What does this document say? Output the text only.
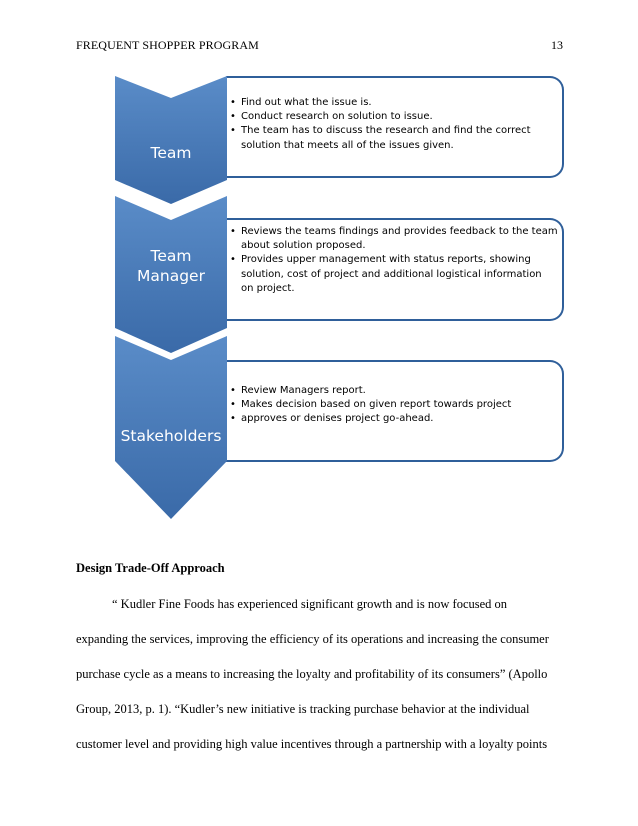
FREQUENT SHOPPER PROGRAM	13
• Find out what the issue is.
• Conduct research on solution to issue.
• The team has to discuss the research and find the correct
solution that meets all of the issues given.
Team
• Reviews the teams findings and provides feedback to the team
about solution proposed.
• Provides upper management with status reports, showing
solution, cost of project and additional logistical information
on project.
Team
Manager
• Review Managers report.
• Makes decision based on given report towards project
• approves or denises project go-ahead.
Stakeholders
Design Trade-Off Approach
“ Kudler Fine Foods has experienced significant growth and is now focused on
expanding the services, improving the efficiency of its operations and increasing the consumer
purchase cycle as a means to increasing the loyalty and profitability of its consumers” (Apollo
Group, 2013, p. 1). “Kudler’s new initiative is tracking purchase behavior at the individual
customer level and providing high value incentives through a partnership with a loyalty points
